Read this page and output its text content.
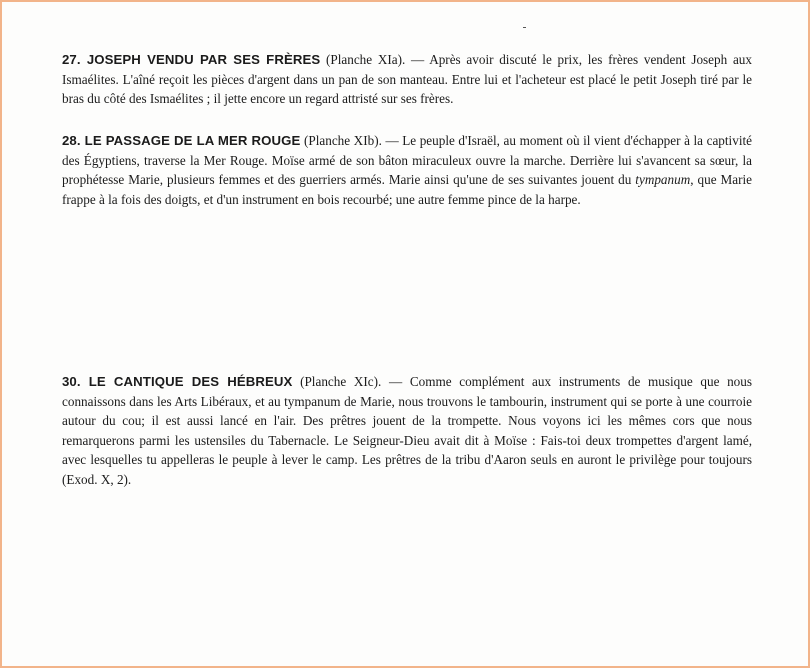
27. JOSEPH VENDU PAR SES FRÈRES (Planche XIa). — Après avoir discuté le prix, les frères vendent Joseph aux Ismaélites. L'aîné reçoit les pièces d'argent dans un pan de son manteau. Entre lui et l'acheteur est placé le petit Joseph tiré par le bras du côté des Ismaélites ; il jette encore un regard attristé sur ses frères.
28. LE PASSAGE DE LA MER ROUGE (Planche XIb). — Le peuple d'Israël, au moment où il vient d'échapper à la captivité des Égyptiens, traverse la Mer Rouge. Moïse armé de son bâton miraculeux ouvre la marche. Derrière lui s'avancent sa sœur, la prophétesse Marie, plusieurs femmes et des guerriers armés. Marie ainsi qu'une de ses suivantes jouent du tympanum, que Marie frappe à la fois des doigts, et d'un instrument en bois recourbé; une autre femme pince de la harpe.
30. LE CANTIQUE DES HÉBREUX (Planche XIc). — Comme complément aux instruments de musique que nous connaissons dans les Arts Libéraux, et au tympanum de Marie, nous trouvons le tambourin, instrument qui se porte à une courroie autour du cou; il est aussi lancé en l'air. Des prêtres jouent de la trompette. Nous voyons ici les mêmes cors que nous remarquerons parmi les ustensiles du Tabernacle. Le Seigneur-Dieu avait dit à Moïse : Fais-toi deux trompettes d'argent lamé, avec lesquelles tu appelleras le peuple à lever le camp. Les prêtres de la tribu d'Aaron seuls en auront le privilège pour toujours (Exod. X, 2).
